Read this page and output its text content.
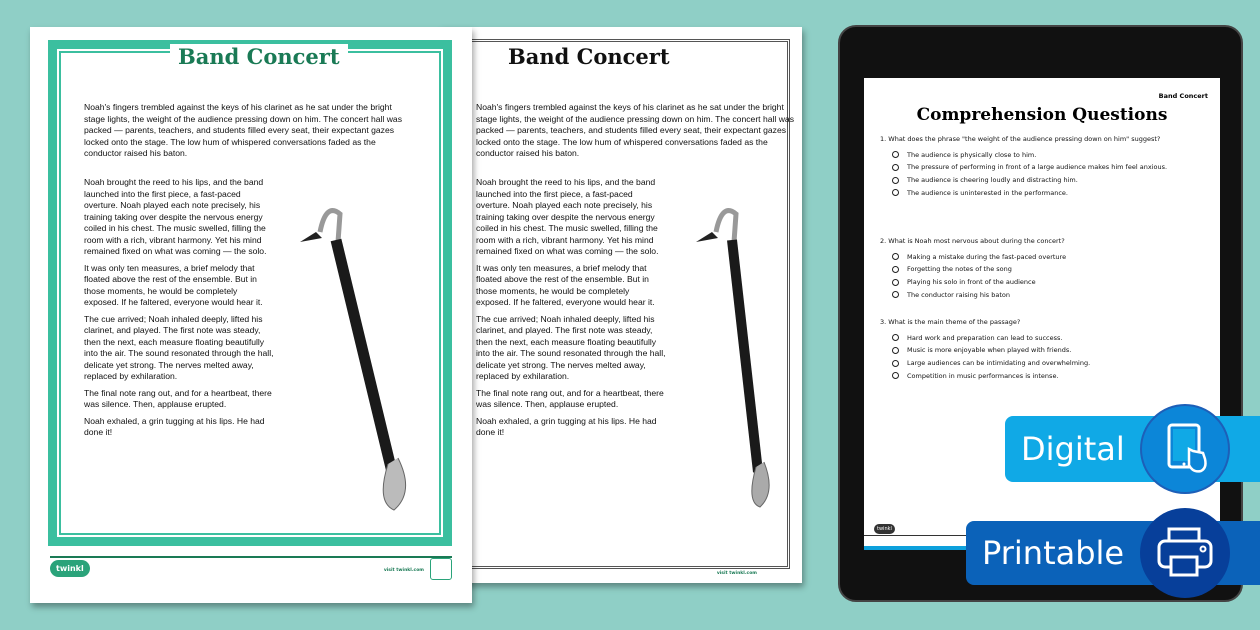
Band Concert

Noah's fingers trembled against the keys of his clarinet as he sat under the bright stage lights, the weight of the audience pressing down on him. The concert hall was packed — parents, teachers, and students filled every seat, their expectant gazes locked onto the stage. The low hum of whispered conversations faded as the conductor raised his baton.

Noah brought the reed to his lips, and the band launched into the first piece, a fast-paced overture. Noah played each note precisely, his training taking over despite the nervous energy coiled in his chest. The music swelled, filling the room with a rich, vibrant harmony. Yet his mind remained fixed on what was coming — the solo.

It was only ten measures, a brief melody that floated above the rest of the ensemble. But in those moments, he would be completely exposed. If he faltered, everyone would hear it.

The cue arrived; Noah inhaled deeply, lifted his clarinet, and played. The first note was steady, then the next, each measure floating beautifully into the air. The sound resonated through the hall, delicate yet strong. The nerves melted away, replaced by exhilaration.

The final note rang out, and for a heartbeat, there was silence. Then, applause erupted.

Noah exhaled, a grin tugging at his lips. He had done it!

visit twinkl.com
Band Concert

Noah's fingers trembled against the keys of his clarinet as he sat under the bright stage lights, the weight of the audience pressing down on him. The concert hall was packed — parents, teachers, and students filled every seat, their expectant gazes locked onto the stage. The low hum of whispered conversations faded as the conductor raised his baton.

Noah brought the reed to his lips, and the band launched into the first piece, a fast-paced overture. Noah played each note precisely, his training taking over despite the nervous energy coiled in his chest. The music swelled, filling the room with a rich, vibrant harmony. Yet his mind remained fixed on what was coming — the solo.

It was only ten measures, a brief melody that floated above the rest of the ensemble. But in those moments, he would be completely exposed. If he faltered, everyone would hear it.

The cue arrived; Noah inhaled deeply, lifted his clarinet, and played. The first note was steady, then the next, each measure floating beautifully into the air. The sound resonated through the hall, delicate yet strong. The nerves melted away, replaced by exhilaration.

The final note rang out, and for a heartbeat, there was silence. Then, applause erupted.

Noah exhaled, a grin tugging at his lips. He had done it!

twinkl	visit twinkl.com
Band Concert
Comprehension Questions
1. What does the phrase "the weight of the audience pressing down on him" suggest?
The audience is physically close to him.
The pressure of performing in front of a large audience makes him feel anxious.
The audience is cheering loudly and distracting him.
The audience is uninterested in the performance.
2. What is Noah most nervous about during the concert?
Making a mistake during the fast-paced overture
Forgetting the notes of the song
Playing his solo in front of the audience
The conductor raising his baton
3. What is the main theme of the passage?
Hard work and preparation can lead to success.
Music is more enjoyable when played with friends.
Large audiences can be intimidating and overwhelming.
Competition in music performances is intense.
twinkl
Digital
Printable
